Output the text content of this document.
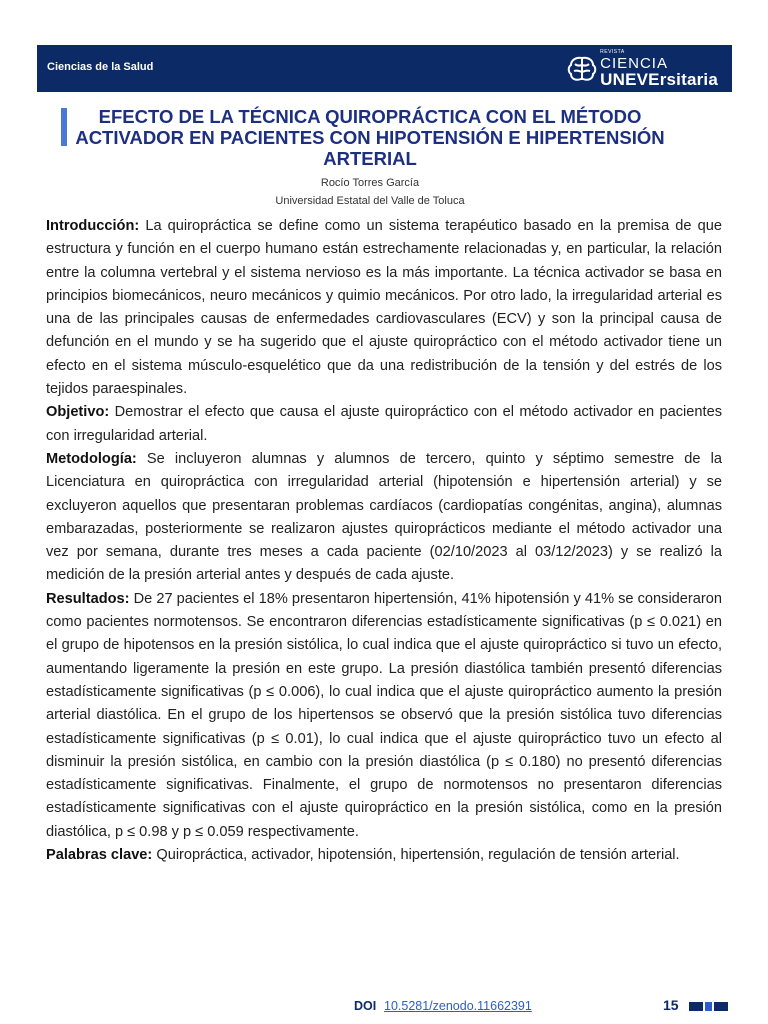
Ciencias de la Salud
REVISTA
CIENCIA
UNEVErsitaria
EFECTO DE LA TÉCNICA QUIROPRÁCTICA CON EL MÉTODO ACTIVADOR EN PACIENTES CON HIPOTENSIÓN E HIPERTENSIÓN ARTERIAL
Rocío Torres García
Universidad Estatal del Valle de Toluca

Introducción: La quiropráctica se define como un sistema terapéutico basado en la premisa de que estructura y función en el cuerpo humano están estrechamente relacionadas y, en particular, la relación entre la columna vertebral y el sistema nervioso es la más importante. La técnica activador se basa en principios biomecánicos, neuro mecánicos y quimio mecánicos. Por otro lado, la irregularidad arterial es una de las principales causas de enfermedades cardiovasculares (ECV) y son la principal causa de defunción en el mundo y se ha sugerido que el ajuste quiropráctico con el método activador tiene un efecto en el sistema músculo-esquelético que da una redistribución de la tensión y del estrés de los tejidos paraespinales.

Objetivo: Demostrar el efecto que causa el ajuste quiropráctico con el método activador en pacientes con irregularidad arterial.

Metodología: Se incluyeron alumnas y alumnos de tercero, quinto y séptimo semestre de la Licenciatura en quiropráctica con irregularidad arterial (hipotensión e hipertensión arterial) y se excluyeron aquellos que presentaran problemas cardíacos (cardiopatías congénitas, angina), alumnas embarazadas, posteriormente se realizaron ajustes quiroprácticos mediante el método activador una vez por semana, durante tres meses a cada paciente (02/10/2023 al 03/12/2023) y se realizó la medición de la presión arterial antes y después de cada ajuste.

Resultados: De 27 pacientes el 18% presentaron hipertensión, 41% hipotensión y 41% se consideraron como pacientes normotensos. Se encontraron diferencias estadísticamente significativas (p ≤ 0.021) en el grupo de hipotensos en la presión sistólica, lo cual indica que el ajuste quiropráctico si tuvo un efecto, aumentando ligeramente la presión en este grupo. La presión diastólica también presentó diferencias estadísticamente significativas (p ≤ 0.006), lo cual indica que el ajuste quiropráctico aumento la presión arterial diastólica. En el grupo de los hipertensos se observó que la presión sistólica tuvo diferencias estadísticamente significativas (p ≤ 0.01), lo cual indica que el ajuste quiropráctico tuvo un efecto al disminuir la presión sistólica, en cambio con la presión diastólica (p ≤ 0.180) no presentó diferencias estadísticamente significativas. Finalmente, el grupo de normotensos no presentaron diferencias estadísticamente significativas con el ajuste quiropráctico en la presión sistólica, como en la presión diastólica, p ≤ 0.98 y p ≤ 0.059 respectivamente.

Palabras clave: Quiropráctica, activador, hipotensión, hipertensión, regulación de tensión arterial.

DOI 10.5281/zenodo.11662391	15
